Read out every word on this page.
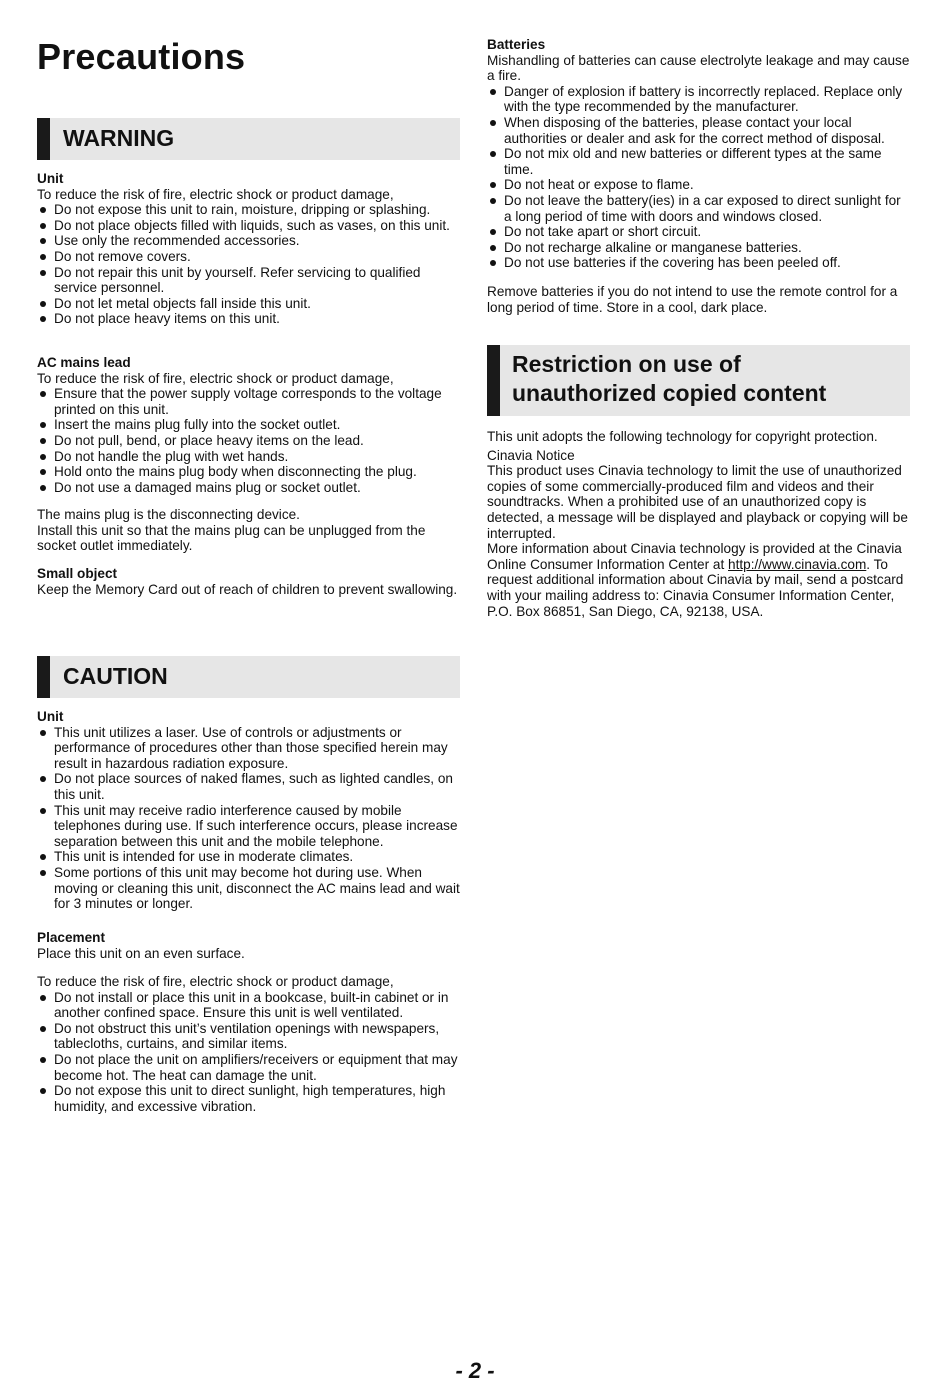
Precautions
WARNING
Unit

To reduce the risk of fire, electric shock or product damage,

Do not expose this unit to rain, moisture, dripping or splashing.
Do not place objects filled with liquids, such as vases, on this unit.
Use only the recommended accessories.
Do not remove covers.
Do not repair this unit by yourself. Refer servicing to qualified service personnel.
Do not let metal objects fall inside this unit.
Do not place heavy items on this unit.
AC mains lead

To reduce the risk of fire, electric shock or product damage,

Ensure that the power supply voltage corresponds to the voltage printed on this unit.
Insert the mains plug fully into the socket outlet.
Do not pull, bend, or place heavy items on the lead.
Do not handle the plug with wet hands.
Hold onto the mains plug body when disconnecting the plug.
Do not use a damaged mains plug or socket outlet.

The mains plug is the disconnecting device.

Install this unit so that the mains plug can be unplugged from the socket outlet immediately.

Small object

Keep the Memory Card out of reach of children to prevent swallowing.

CAUTION
Unit
This unit utilizes a laser. Use of controls or adjustments or performance of procedures other than those specified herein may result in hazardous radiation exposure.
Do not place sources of naked flames, such as lighted candles, on this unit.
This unit may receive radio interference caused by mobile telephones during use. If such interference occurs, please increase separation between this unit and the mobile telephone.
This unit is intended for use in moderate climates.
Some portions of this unit may become hot during use. When moving or cleaning this unit, disconnect the AC mains lead and wait for 3 minutes or longer.
Placement

Place this unit on an even surface.

To reduce the risk of fire, electric shock or product damage,

Do not install or place this unit in a bookcase, built-in cabinet or in another confined space. Ensure this unit is well ventilated.
Do not obstruct this unit’s ventilation openings with newspapers, tablecloths, curtains, and similar items.
Do not place the unit on amplifiers/receivers or equipment that may become hot. The heat can damage the unit.
Do not expose this unit to direct sunlight, high temperatures, high humidity, and excessive vibration.
Batteries

Mishandling of batteries can cause electrolyte leakage and may cause a fire.

Danger of explosion if battery is incorrectly replaced. Replace only with the type recommended by the manufacturer.
When disposing of the batteries, please contact your local authorities or dealer and ask for the correct method of disposal.
Do not mix old and new batteries or different types at the same time.
Do not heat or expose to flame.
Do not leave the battery(ies) in a car exposed to direct sunlight for a long period of time with doors and windows closed.
Do not take apart or short circuit.
Do not recharge alkaline or manganese batteries.
Do not use batteries if the covering has been peeled off.

Remove batteries if you do not intend to use the remote control for a long period of time. Store in a cool, dark place.

Restriction on use of
unauthorized copied content

This unit adopts the following technology for copyright protection.

Cinavia Notice

This product uses Cinavia technology to limit the use of unauthorized copies of some commercially-produced film and videos and their soundtracks. When a prohibited use of an unauthorized copy is detected, a message will be displayed and playback or copying will be interrupted.

More information about Cinavia technology is provided at the Cinavia Online Consumer Information Center at http://www.cinavia.com. To request additional information about Cinavia by mail, send a postcard with your mailing address to: Cinavia Consumer Information Center, P.O. Box 86851, San Diego, CA, 92138, USA.

- 2 -
